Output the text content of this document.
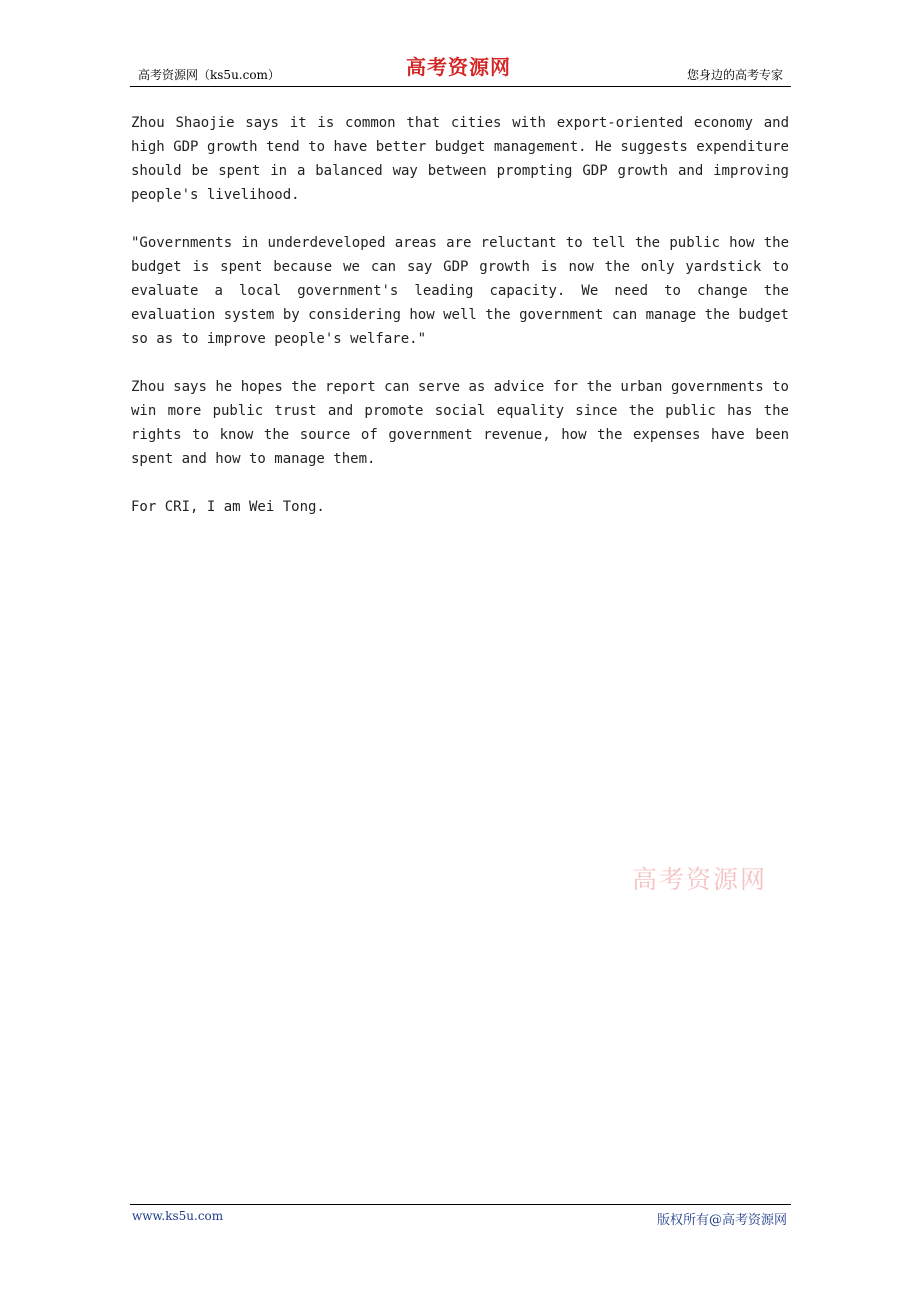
高考资源网（ks5u.com）	高考资源网	您身边的高考专家

Zhou Shaojie says it is common that cities with export-oriented economy and high GDP growth tend to have better budget management. He suggests expenditure should be spent in a balanced way between prompting GDP growth and improving people's livelihood.

"Governments in underdeveloped areas are reluctant to tell the public how the budget is spent because we can say GDP growth is now the only yardstick to evaluate a local government's leading capacity. We need to change the evaluation system by considering how well the government can manage the budget so as to improve people's welfare."

Zhou says he hopes the report can serve as advice for the urban governments to win more public trust and promote social equality since the public has the rights to know the source of government revenue, how the expenses have been spent and how to manage them.

For CRI, I am Wei Tong.

高考资源网
www.ks5u.com	版权所有@高考资源网
